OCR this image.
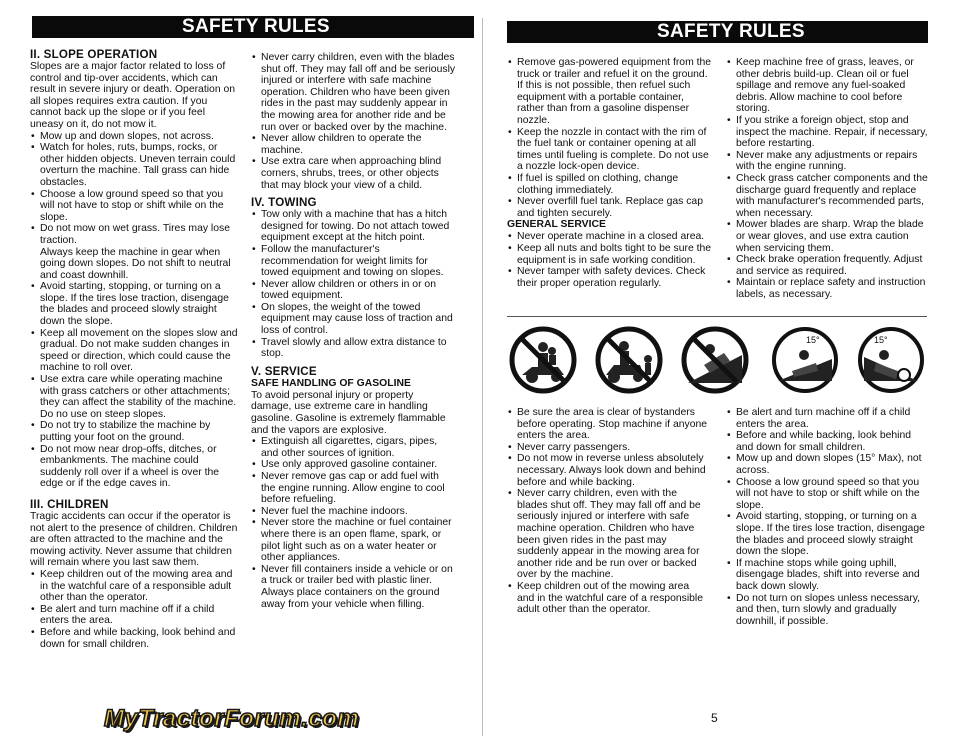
SAFETY RULES	SAFETY RULES
II. SLOPE OPERATION

Slopes are a major factor related to loss of control and tip-over accidents, which can result in severe injury or death. Operation on all slopes requires extra caution. If you cannot back up the slope or if you feel uneasy on it, do not mow it.

• Mow up and down slopes, not across.
• Watch for holes, ruts, bumps, rocks, or other hidden objects. Uneven terrain could overturn the machine. Tall grass can hide obstacles.
• Choose a low ground speed so that you will not have to stop or shift while on the slope.
• Do not mow on wet grass. Tires may lose traction.

Always keep the machine in gear when going down slopes. Do not shift to neutral and coast downhill.

• Avoid starting, stopping, or turning on a slope. If the tires lose traction, disengage the blades and proceed slowly straight down the slope.
• Keep all movement on the slopes slow and gradual. Do not make sudden changes in speed or direction, which could cause the machine to roll over.
• Use extra care while operating machine with grass catchers or other attachments; they can affect the stability of the machine. Do no use on steep slopes.
• Do not try to stabilize the machine by putting your foot on the ground.
• Do not mow near drop-offs, ditches, or embankments. The machine could suddenly roll over if a wheel is over the edge or if the edge caves in.
III. CHILDREN

Tragic accidents can occur if the operator is not alert to the presence of children. Children are often attracted to the machine and the mowing activity. Never assume that children will remain where you last saw them.

• Keep children out of the mowing area and in the watchful care of a responsible adult other than the operator.
• Be alert and turn machine off if a child enters the area.
• Before and while backing, look behind and down for small children.
• Never carry children, even with the blades shut off. They may fall off and be seriously injured or interfere with safe machine operation. Children who have been given rides in the past may suddenly appear in the mowing area for another ride and be run over or backed over by the machine.
• Never allow children to operate the machine.
• Use extra care when approaching blind corners, shrubs, trees, or other objects that may block your view of a child.
IV. TOWING
• Tow only with a machine that has a hitch designed for towing. Do not attach towed equipment except at the hitch point.
• Follow the manufacturer's recommendation for weight limits for towed equipment and towing on slopes.
• Never allow children or others in or on towed equipment.
• On slopes, the weight of the towed equipment may cause loss of traction and loss of control.
• Travel slowly and allow extra distance to stop.
V. SERVICE
SAFE HANDLING OF GASOLINE

To avoid personal injury or property damage, use extreme care in handling gasoline. Gasoline is extremely flammable and the vapors are explosive.

• Extinguish all cigarettes, cigars, pipes, and other sources of ignition.
• Use only approved gasoline container.
• Never remove gas cap or add fuel with the engine running. Allow engine to cool before refueling.
• Never fuel the machine indoors.
• Never store the machine or fuel container where there is an open flame, spark, or pilot light such as on a water heater or other appliances.
• Never fill containers inside a vehicle or on a truck or trailer bed with plastic liner. Always place containers on the ground away from your vehicle when filling.
• Remove gas-powered equipment from the truck or trailer and refuel it on the ground. If this is not possible, then refuel such equipment with a portable container, rather than from a gasoline dispenser nozzle.
• Keep the nozzle in contact with the rim of the fuel tank or container opening at all times until fueling is complete. Do not use a nozzle lock-open device.
• If fuel is spilled on clothing, change clothing immediately.
• Never overfill fuel tank. Replace gas cap and tighten securely.
GENERAL SERVICE
• Never operate machine in a closed area.
• Keep all nuts and bolts tight to be sure the equipment is in safe working condition.
• Never tamper with safety devices. Check their proper operation regularly.
• Keep machine free of grass, leaves, or other debris build-up. Clean oil or fuel spillage and remove any fuel-soaked debris. Allow machine to cool before storing.
• If you strike a foreign object, stop and inspect the machine. Repair, if necessary, before restarting.
• Never make any adjustments or repairs with the engine running.
• Check grass catcher components and the discharge guard frequently and replace with manufacturer's recommended parts, when necessary.
• Mower blades are sharp. Wrap the blade or wear gloves, and use extra caution when servicing them.
• Check brake operation frequently. Adjust and service as required.
• Maintain or replace safety and instruction labels, as necessary.
15°	15°
• Be sure the area is clear of bystanders before operating. Stop machine if anyone enters the area.
• Never carry passengers.
• Do not mow in reverse unless absolutely necessary. Always look down and behind before and while backing.
• Never carry children, even with the blades shut off. They may fall off and be seriously injured or interfere with safe machine operation. Children who have been given rides in the past may suddenly appear in the mowing area for another ride and be run over or backed over by the machine.
• Keep children out of the mowing area and in the watchful care of a responsible adult other than the operator.
• Be alert and turn machine off if a child enters the area.
• Before and while backing, look behind and down for small children.
• Mow up and down slopes (15° Max), not across.
• Choose a low ground speed so that you will not have to stop or shift while on the slope.
• Avoid starting, stopping, or turning on a slope. If the tires lose traction, disengage the blades and proceed slowly straight down the slope.
• If machine stops while going uphill, disengage blades, shift into reverse and back down slowly.
• Do not turn on slopes unless necessary, and then, turn slowly and gradually downhill, if possible.
MyTractorForum.com	5
